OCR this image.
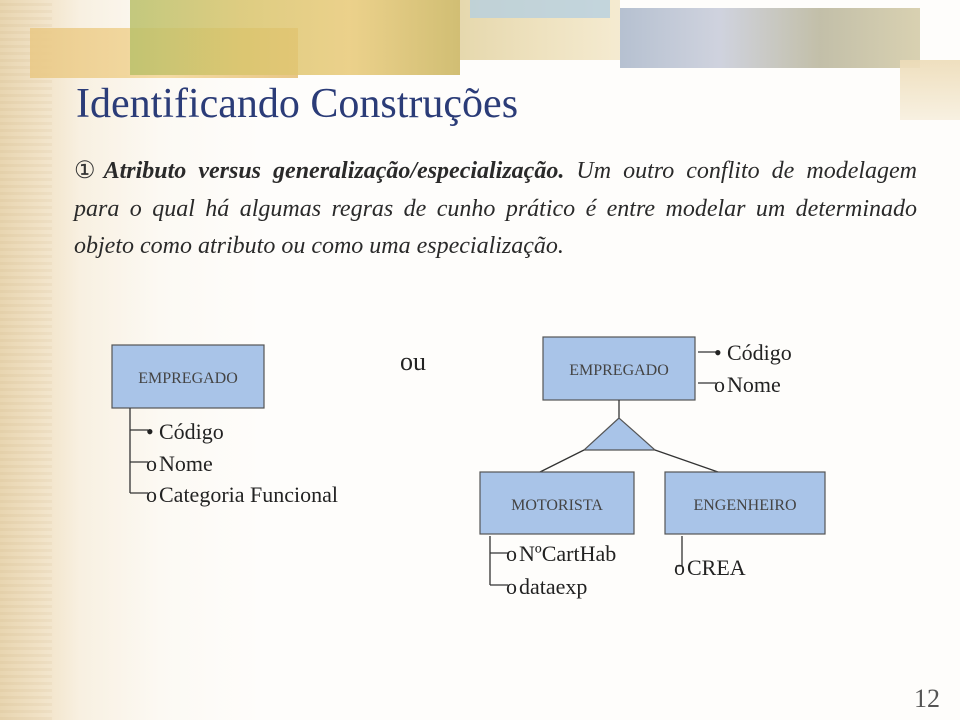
Identificando Construções
①Atributo versus generalização/especialização. Um outro conflito de modelagem para o qual há algumas regras de cunho prático é entre modelar um determinado objeto como atributo ou como uma especialização.
EMPREGADO
• Código
o Nome
o Categoria Funcional
ou	EMPREGADO
• Código
o Nome
MOTORISTA	ENGENHEIRO
o NºCartHab
o dataexp
o CREA
12
